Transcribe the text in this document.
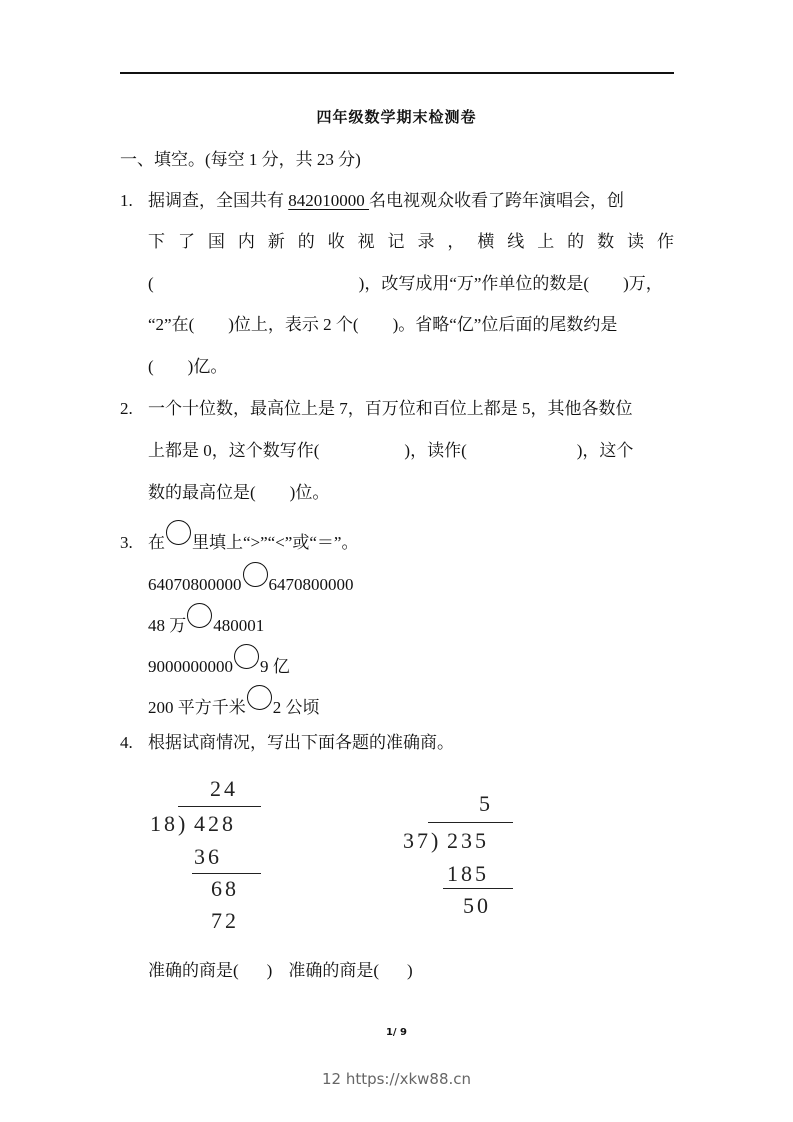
四年级数学期末检测卷
一、填空。(每空 1 分，共 23 分)
1. 据调查，全国共有 842010000 名电视观众收看了跨年演唱会，创
下 了 国 内 新 的 收 视 记 录 ， 横 线 上 的 数 读 作
(	)，改写成用“万”作单位的数是( )万，
“2”在( )位上，表示 2 个( )。省略“亿”位后面的尾数约是
( )亿。
2. 一个十位数，最高位上是 7，百万位和百位上都是 5，其他各数位
上都是 0，这个数写作(	)，读作(	)，这个
数的最高位是( )位。
3. 在 里填上“>”“<”或“＝”。
64070800000 6470800000
48 万 480001
9000000000 9 亿
200 平方千米 2 公顷
4. 根据试商情况，写出下面各题的准确商。
24
18) 428
36
68
72
5
37) 235
185
50
准确的商是( ) 准确的商是( )
1/ 9
12 https://xkw88.cn
